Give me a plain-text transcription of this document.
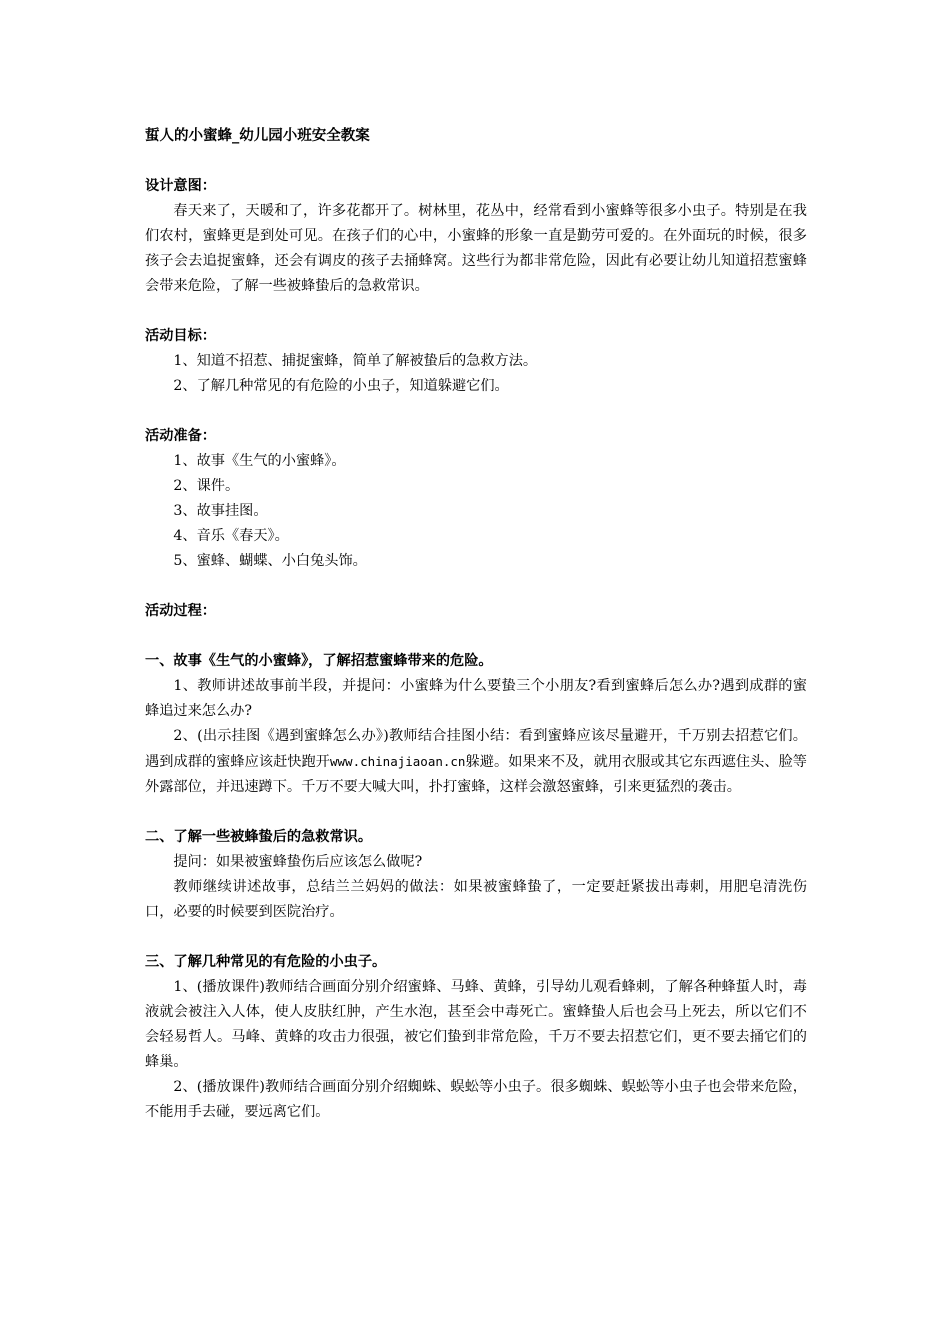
蜇人的小蜜蜂_幼儿园小班安全教案
设计意图：

春天来了，天暖和了，许多花都开了。树林里，花丛中，经常看到小蜜蜂等很多小虫子。特别是在我们农村，蜜蜂更是到处可见。在孩子们的心中，小蜜蜂的形象一直是勤劳可爱的。在外面玩的时候，很多孩子会去追捉蜜蜂，还会有调皮的孩子去捅蜂窝。这些行为都非常危险，因此有必要让幼儿知道招惹蜜蜂会带来危险，了解一些被蜂蛰后的急救常识。

活动目标：
1、知道不招惹、捕捉蜜蜂，简单了解被蛰后的急救方法。
2、了解几种常见的有危险的小虫子，知道躲避它们。
活动准备：
1、故事《生气的小蜜蜂》。
2、课件。
3、故事挂图。
4、音乐《春天》。
5、蜜蜂、蝴蝶、小白兔头饰。
活动过程：
一、故事《生气的小蜜蜂》，了解招惹蜜蜂带来的危险。

1、教师讲述故事前半段，并提问：小蜜蜂为什么要蛰三个小朋友?看到蜜蜂后怎么办?遇到成群的蜜蜂追过来怎么办?

2、(出示挂图《遇到蜜蜂怎么办》)教师结合挂图小结：看到蜜蜂应该尽量避开，千万别去招惹它们。遇到成群的蜜蜂应该赶快跑开www.chinajiaoan.cn躲避。如果来不及，就用衣服或其它东西遮住头、脸等外露部位，并迅速蹲下。千万不要大喊大叫，扑打蜜蜂，这样会激怒蜜蜂，引来更猛烈的袭击。

二、了解一些被蜂蛰后的急救常识。

提问：如果被蜜蜂蛰伤后应该怎么做呢?

教师继续讲述故事，总结兰兰妈妈的做法：如果被蜜蜂蛰了，一定要赶紧拔出毒刺，用肥皂清洗伤口，必要的时候要到医院治疗。

三、了解几种常见的有危险的小虫子。

1、(播放课件)教师结合画面分别介绍蜜蜂、马蜂、黄蜂，引导幼儿观看蜂刺，了解各种蜂蜇人时，毒液就会被注入人体，使人皮肤红肿，产生水泡，甚至会中毒死亡。蜜蜂蛰人后也会马上死去，所以它们不会轻易哲人。马峰、黄蜂的攻击力很强，被它们蛰到非常危险，千万不要去招惹它们，更不要去捅它们的蜂巢。

2、(播放课件)教师结合画面分别介绍蜘蛛、蜈蚣等小虫子。很多蜘蛛、蜈蚣等小虫子也会带来危险，不能用手去碰，要远离它们。
